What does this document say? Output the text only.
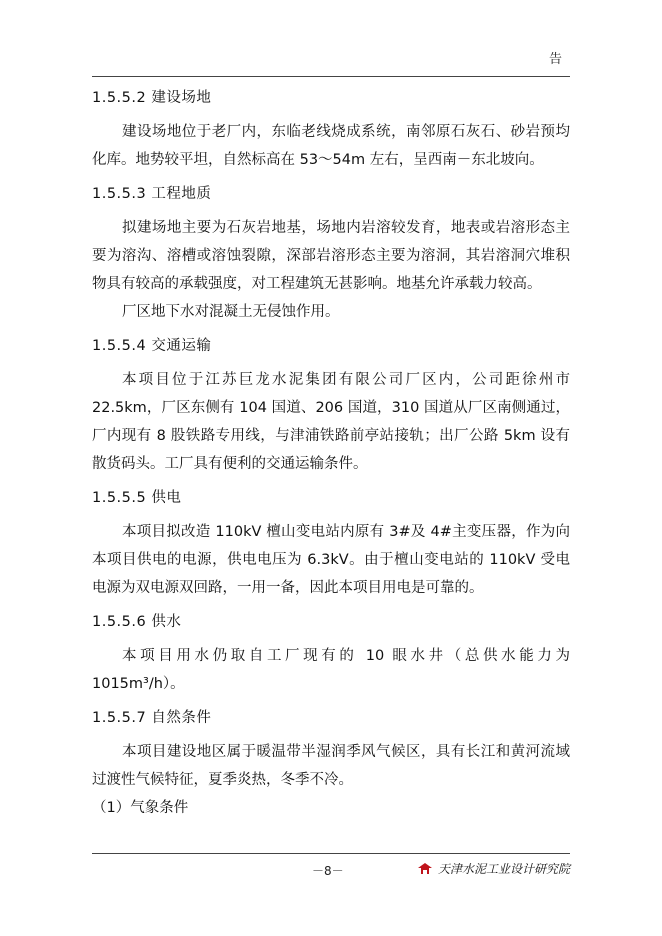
告

1.5.5.2 建设场地

建设场地位于老厂内，东临老线烧成系统，南邻原石灰石、砂岩预均化库。地势较平坦，自然标高在 53～54m 左右，呈西南－东北坡向。

1.5.5.3 工程地质

拟建场地主要为石灰岩地基，场地内岩溶较发育，地表或岩溶形态主要为溶沟、溶槽或溶蚀裂隙，深部岩溶形态主要为溶洞，其岩溶洞穴堆积物具有较高的承载强度，对工程建筑无甚影响。地基允许承载力较高。

厂区地下水对混凝土无侵蚀作用。

1.5.5.4 交通运输

本项目位于江苏巨龙水泥集团有限公司厂区内，公司距徐州市 22.5km，厂区东侧有 104 国道、206 国道，310 国道从厂区南侧通过，厂内现有 8 股铁路专用线，与津浦铁路前亭站接轨；出厂公路 5km 设有散货码头。工厂具有便利的交通运输条件。

1.5.5.5 供电

本项目拟改造 110kV 檀山变电站内原有 3#及 4#主变压器，作为向本项目供电的电源，供电电压为 6.3kV。由于檀山变电站的 110kV 受电电源为双电源双回路，一用一备，因此本项目用电是可靠的。

1.5.5.6 供水

本项目用水仍取自工厂现有的 10 眼水井（总供水能力为 1015m³/h）。

1.5.5.7 自然条件

本项目建设地区属于暖温带半湿润季风气候区，具有长江和黄河流域过渡性气候特征，夏季炎热，冬季不冷。

（1）气象条件

－8－	天津水泥工业设计研究院
